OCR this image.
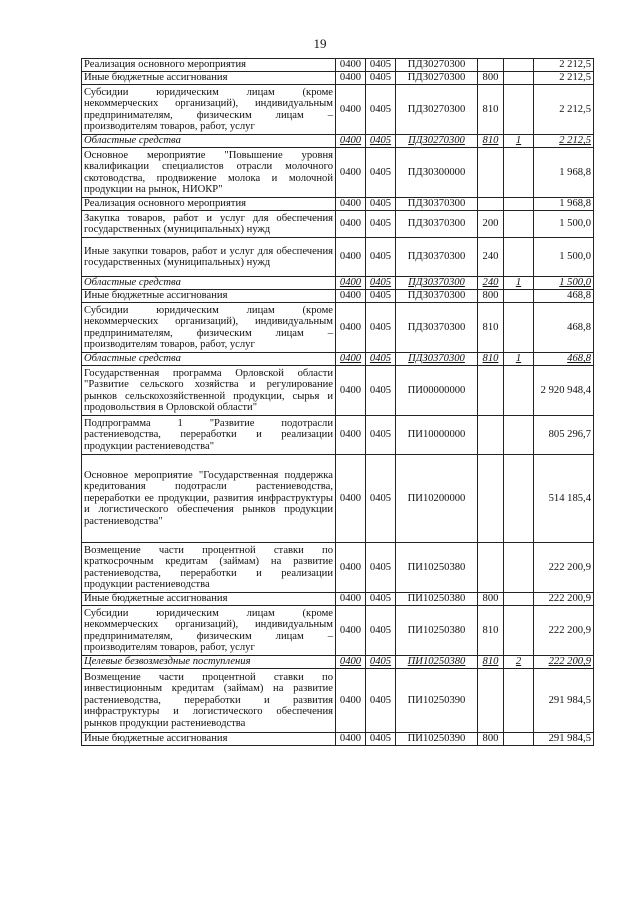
19
Реализация основного мероприятия	0400	0405	ПДЗ0270300			2 212,5
Иные бюджетные ассигнования	0400	0405	ПДЗ0270300	800		2 212,5
Субсидии юридическим лицам (кроме некоммерческих организаций), индивидуальным предпринимателям, физическим лицам – производителям товаров, работ, услуг	0400	0405	ПДЗ0270300	810		2 212,5
Областные средства	0400	0405	ПДЗ0270300	810	1	2 212,5
Основное мероприятие "Повышение уровня квалификации специалистов отрасли молочного скотоводства, продвижение молока и молочной продукции на рынок, НИОКР"	0400	0405	ПДЗ0300000			1 968,8
Реализация основного мероприятия	0400	0405	ПДЗ0370300			1 968,8
Закупка товаров, работ и услуг для обеспечения государственных (муниципальных) нужд	0400	0405	ПДЗ0370300	200		1 500,0
Иные закупки товаров, работ и услуг для обеспечения государственных (муниципальных) нужд	0400	0405	ПДЗ0370300	240		1 500,0
Областные средства	0400	0405	ПДЗ0370300	240	1	1 500,0
Иные бюджетные ассигнования	0400	0405	ПДЗ0370300	800		468,8
Субсидии юридическим лицам (кроме некоммерческих организаций), индивидуальным предпринимателям, физическим лицам – производителям товаров, работ, услуг	0400	0405	ПДЗ0370300	810		468,8
Областные средства	0400	0405	ПДЗ0370300	810	1	468,8
Государственная программа Орловской области "Развитие сельского хозяйства и регулирование рынков сельскохозяйственной продукции, сырья и продовольствия в Орловской области"	0400	0405	ПИ00000000			2 920 948,4
Подпрограмма 1 "Развитие подотрасли растениеводства, переработки и реализации продукции растениеводства"	0400	0405	ПИ10000000			805 296,7
Основное мероприятие "Государственная поддержка кредитования подотрасли растениеводства, переработки ее продукции, развития инфраструктуры и логистического обеспечения рынков продукции растениеводства"	0400	0405	ПИ10200000			514 185,4
Возмещение части процентной ставки по краткосрочным кредитам (займам) на развитие растениеводства, переработки и реализации продукции растениеводства	0400	0405	ПИ10250380			222 200,9
Иные бюджетные ассигнования	0400	0405	ПИ10250380	800		222 200,9
Субсидии юридическим лицам (кроме некоммерческих организаций), индивидуальным предпринимателям, физическим лицам – производителям товаров, работ, услуг	0400	0405	ПИ10250380	810		222 200,9
Целевые безвозмездные поступления	0400	0405	ПИ10250380	810	2	222 200,9
Возмещение части процентной ставки по инвестиционным кредитам (займам) на развитие растениеводства, переработки и развития инфраструктуры и логистического обеспечения рынков продукции растениеводства	0400	0405	ПИ10250390			291 984,5
Иные бюджетные ассигнования	0400	0405	ПИ10250390	800		291 984,5
